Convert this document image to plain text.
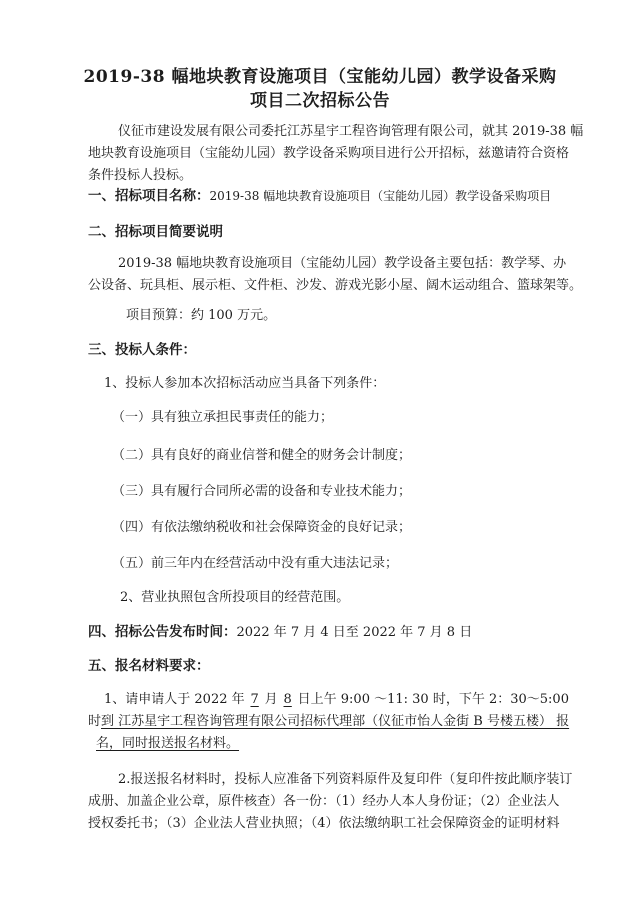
2019-38 幅地块教育设施项目（宝能幼儿园）教学设备采购
项目二次招标公告
仪征市建设发展有限公司委托江苏星宇工程咨询管理有限公司，就其 2019-38 幅
地块教育设施项目（宝能幼儿园）教学设备采购项目进行公开招标，兹邀请符合资格
条件投标人投标。
一、招标项目名称：2019-38 幅地块教育设施项目（宝能幼儿园）教学设备采购项目
二、招标项目简要说明
2019-38 幅地块教育设施项目（宝能幼儿园）教学设备主要包括：教学琴、办
公设备、玩具柜、展示柜、文件柜、沙发、游戏光影小屋、阔木运动组合、篮球架等。
项目预算：约 100 万元。
三、投标人条件：
1、投标人参加本次招标活动应当具备下列条件：
（一）具有独立承担民事责任的能力；
（二）具有良好的商业信誉和健全的财务会计制度；
（三）具有履行合同所必需的设备和专业技术能力；
（四）有依法缴纳税收和社会保障资金的良好记录；
（五）前三年内在经营活动中没有重大违法记录；
2、营业执照包含所投项目的经营范围。
四、招标公告发布时间：2022 年 7 月 4 日至 2022 年 7 月 8 日
五、报名材料要求：
1、请申请人于 2022 年 7 月 8 日上午 9:00 ～11: 30 时，下午 2：30～5:00
时到 江苏星宇工程咨询管理有限公司招标代理部（仪征市怡人金街 B 号楼五楼） 报
名，同时报送报名材料。
2.报送报名材料时，投标人应准备下列资料原件及复印件（复印件按此顺序装订
成册、加盖企业公章，原件核查）各一份：（1）经办人本人身份证；（2）企业法人
授权委托书；（3）企业法人营业执照；（4）依法缴纳职工社会保障资金的证明材料
